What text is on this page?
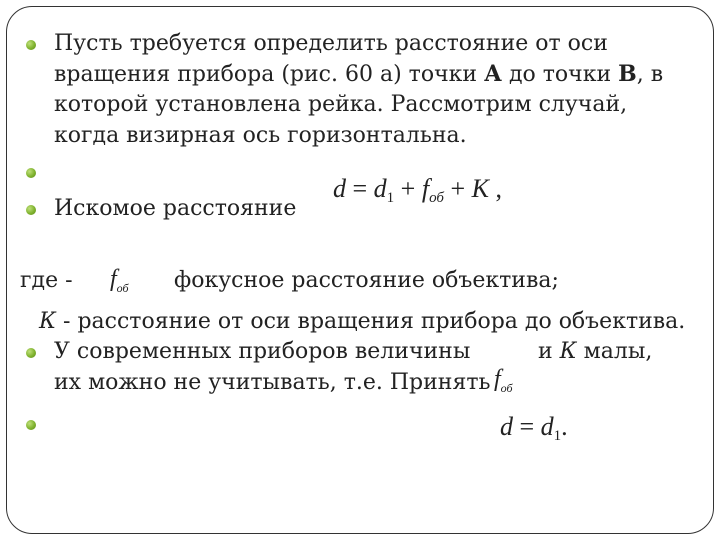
Пусть требуется определить расстояние от оси
вращения прибора (рис. 60 а) точки А до точки В, в
которой установлена рейка. Рассмотрим случай,
когда визирная ось горизонтальна.
Искомое расстояние
$d = d_1 + f_{об} + K$ ,
где - $f_{об}$ фокусное расстояние объектива;
К - расстояние от оси вращения прибора до объектива.
У современных приборов величины	и К малы,
их можно не учитывать, т.е. Принять $f_{об}$
$d = d_1$.
